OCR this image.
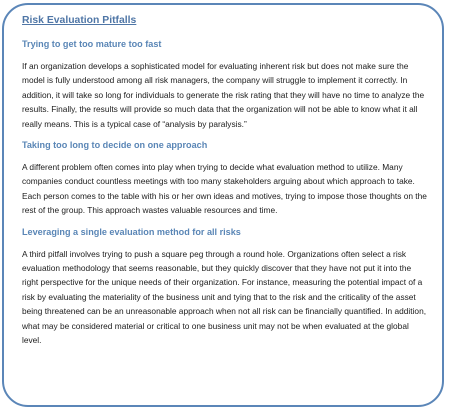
Risk Evaluation Pitfalls
Trying to get too mature too fast

If an organization develops a sophisticated model for evaluating inherent risk but does not make sure the model is fully understood among all risk managers, the company will struggle to implement it correctly. In addition, it will take so long for individuals to generate the risk rating that they will have no time to analyze the results. Finally, the results will provide so much data that the organization will not be able to know what it all really means. This is a typical case of “analysis by paralysis.”

Taking too long to decide on one approach

A different problem often comes into play when trying to decide what evaluation method to utilize. Many companies conduct countless meetings with too many stakeholders arguing about which approach to take. Each person comes to the table with his or her own ideas and motives, trying to impose those thoughts on the rest of the group. This approach wastes valuable resources and time.

Leveraging a single evaluation method for all risks

A third pitfall involves trying to push a square peg through a round hole. Organizations often select a risk evaluation methodology that seems reasonable, but they quickly discover that they have not put it into the right perspective for the unique needs of their organization. For instance, measuring the potential impact of a risk by evaluating the materiality of the business unit and tying that to the risk and the criticality of the asset being threatened can be an unreasonable approach when not all risk can be financially quantified. In addition, what may be considered material or critical to one business unit may not be when evaluated at the global level.
